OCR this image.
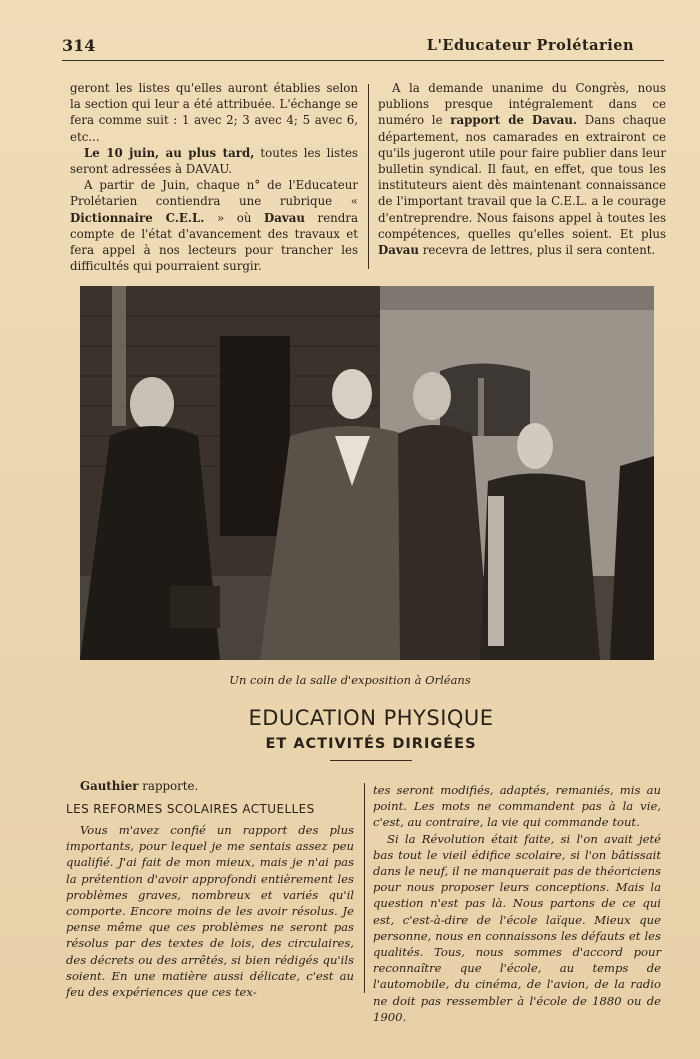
314	L'Educateur Prolétarien

geront les listes qu'elles auront établies selon la section qui leur a été attribuée. L'échange se fera comme suit : 1 avec 2; 3 avec 4; 5 avec 6, etc...

Le 10 juin, au plus tard, toutes les listes seront adressées à DAVAU.

A partir de Juin, chaque n° de l'Educateur Prolétarien contiendra une rubrique « Dictionnaire C.E.L. » où Davau rendra compte de l'état d'avancement des travaux et fera appel à nos lecteurs pour trancher les difficultés qui pourraient surgir.

A la demande unanime du Congrès, nous publions presque intégralement dans ce numéro le rapport de Davau. Dans chaque département, nos camarades en extrairont ce qu'ils jugeront utile pour faire publier dans leur bulletin syndical. Il faut, en effet, que tous les instituteurs aient dès maintenant connaissance de l'important travail que la C.E.L. a le courage d'entreprendre. Nous faisons appel à toutes les compétences, quelles qu'elles soient. Et plus Davau recevra de lettres, plus il sera content.

Un coin de la salle d'exposition à Orléans
EDUCATION PHYSIQUE
ET ACTIVITÉS DIRIGÉES
Gauthier rapporte.
LES REFORMES SCOLAIRES ACTUELLES

Vous m'avez confié un rapport des plus importants, pour lequel je me sentais assez peu qualifié. J'ai fait de mon mieux, mais je n'ai pas la prétention d'avoir approfondi entièrement les problèmes graves, nombreux et variés qu'il comporte. Encore moins de les avoir résolus. Je pense même que ces problèmes ne seront pas résolus par des textes de lois, des circulaires, des décrets ou des arrêtés, si bien rédigés qu'ils soient. En une matière aussi délicate, c'est au feu des expériences que ces tex-

tes seront modifiés, adaptés, remaniés, mis au point. Les mots ne commandent pas à la vie, c'est, au contraire, la vie qui commande tout.

Si la Révolution était faite, si l'on avait jeté bas tout le vieil édifice scolaire, si l'on bâtissait dans le neuf, il ne manquerait pas de théoriciens pour nous proposer leurs conceptions. Mais la question n'est pas là. Nous partons de ce qui est, c'est-à-dire de l'école laïque. Mieux que personne, nous en connaissons les défauts et les qualités. Tous, nous sommes d'accord pour reconnaître que l'école, au temps de l'automobile, du cinéma, de l'avion, de la radio ne doit pas ressembler à l'école de 1880 ou de 1900.
